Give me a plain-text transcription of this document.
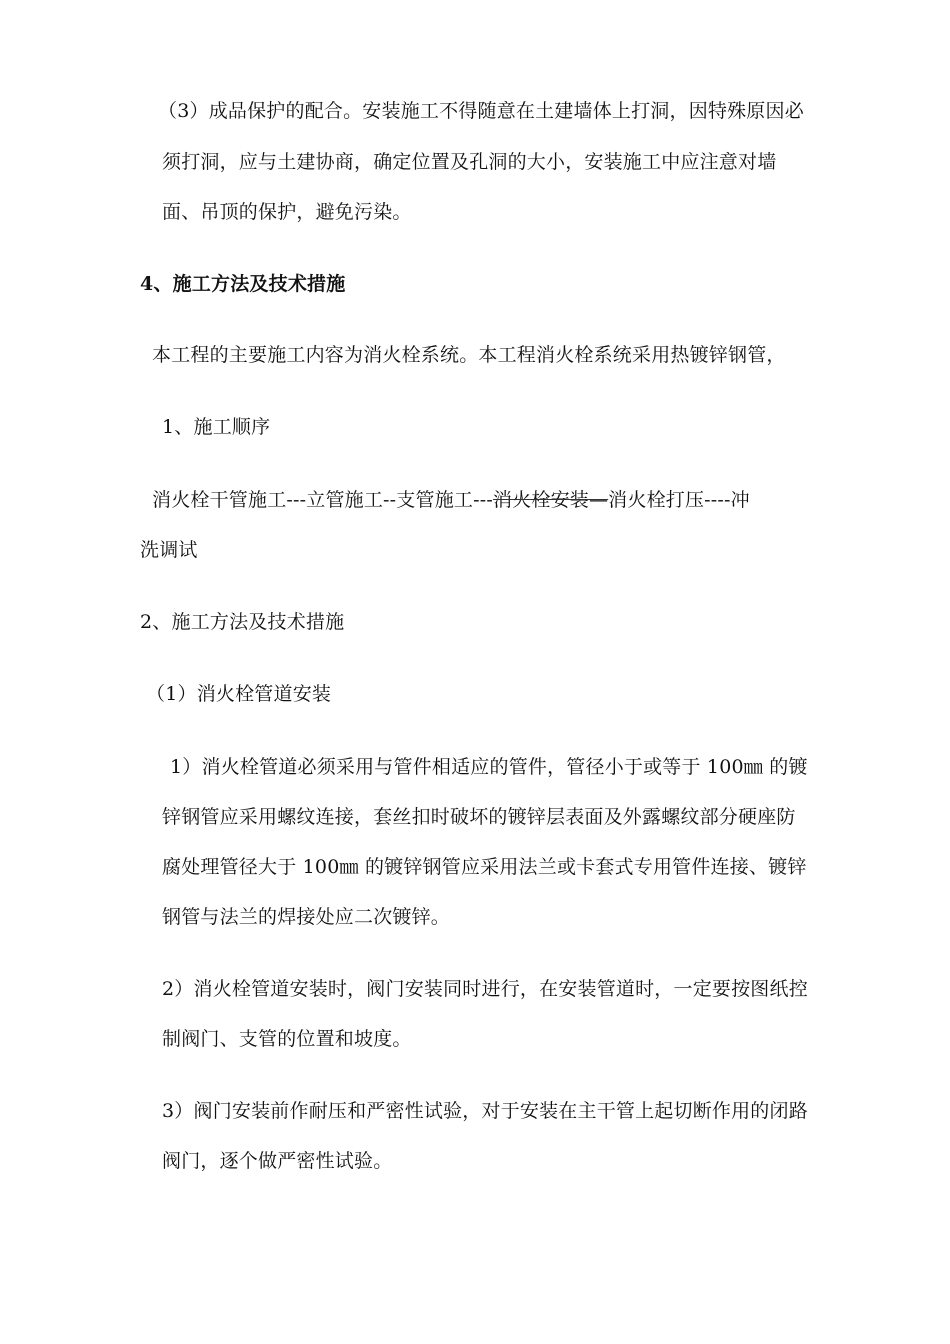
（3）成品保护的配合。安装施工不得随意在土建墙体上打洞，因特殊原因必
须打洞，应与土建协商，确定位置及孔洞的大小，安装施工中应注意对墙
面、吊顶的保护，避免污染。
4、施工方法及技术措施
本工程的主要施工内容为消火栓系统。本工程消火栓系统采用热镀锌钢管，
1、施工顺序
消火栓干管施工---立管施工--支管施工---消火栓安装—消火栓打压----冲
洗调试
2、施工方法及技术措施
（1）消火栓管道安装
1）消火栓管道必须采用与管件相适应的管件，管径小于或等于 100㎜ 的镀
锌钢管应采用螺纹连接，套丝扣时破坏的镀锌层表面及外露螺纹部分硬座防
腐处理管径大于 100㎜ 的镀锌钢管应采用法兰或卡套式专用管件连接、镀锌
钢管与法兰的焊接处应二次镀锌。
2）消火栓管道安装时，阀门安装同时进行，在安装管道时，一定要按图纸控
制阀门、支管的位置和坡度。
3）阀门安装前作耐压和严密性试验，对于安装在主干管上起切断作用的闭路
阀门，逐个做严密性试验。
